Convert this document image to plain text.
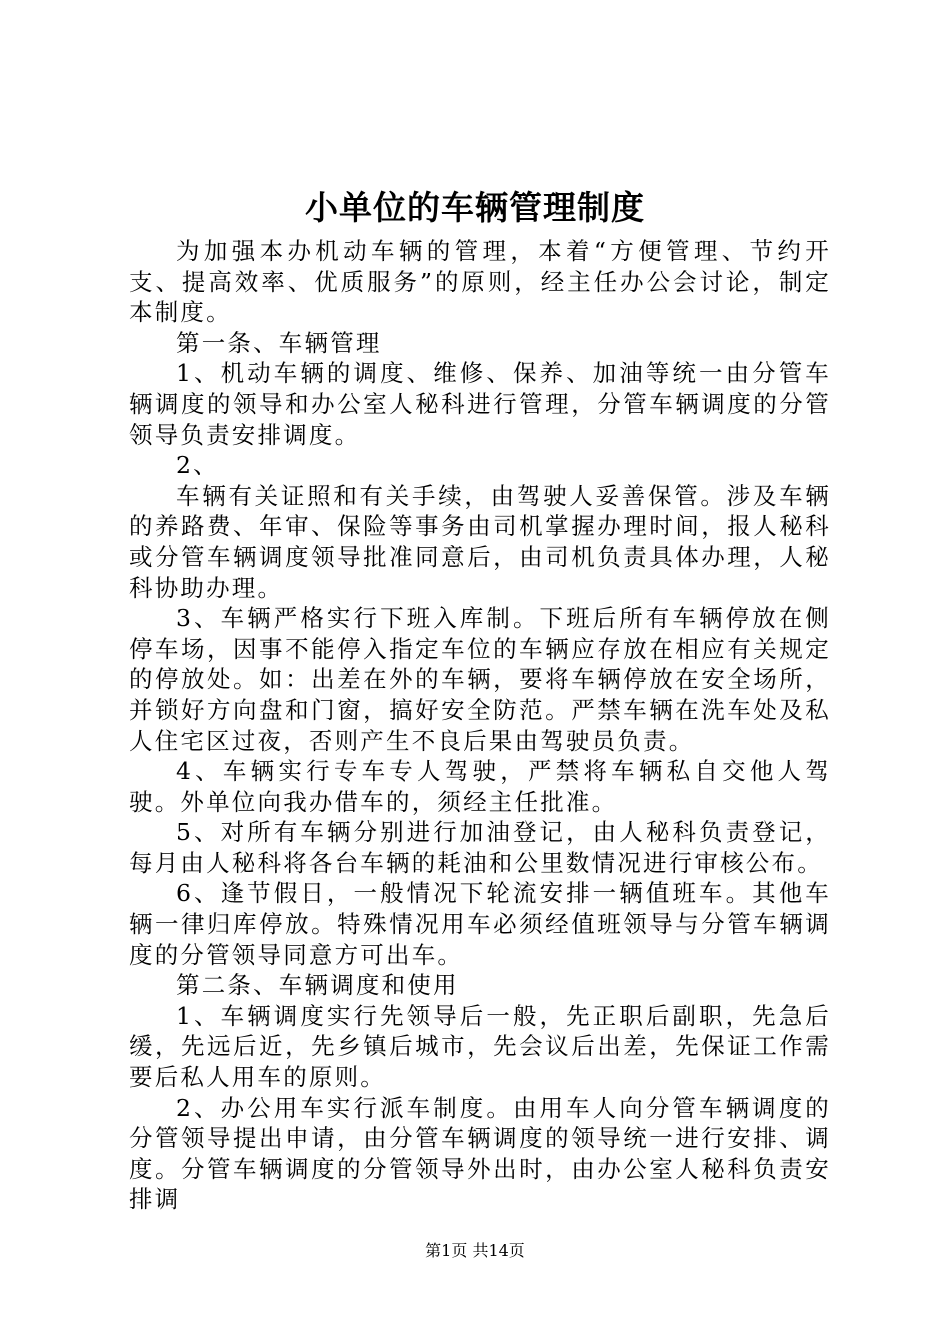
小单位的车辆管理制度

为加强本办机动车辆的管理，本着“方便管理、节约开支、提高效率、优质服务”的原则，经主任办公会讨论，制定本制度。

第一条、车辆管理

1、机动车辆的调度、维修、保养、加油等统一由分管车辆调度的领导和办公室人秘科进行管理，分管车辆调度的分管领导负责安排调度。

2、

车辆有关证照和有关手续，由驾驶人妥善保管。涉及车辆的养路费、年审、保险等事务由司机掌握办理时间，报人秘科或分管车辆调度领导批准同意后，由司机负责具体办理，人秘科协助办理。

3、车辆严格实行下班入库制。下班后所有车辆停放在侧停车场，因事不能停入指定车位的车辆应存放在相应有关规定的停放处。如：出差在外的车辆，要将车辆停放在安全场所，并锁好方向盘和门窗，搞好安全防范。严禁车辆在洗车处及私人住宅区过夜，否则产生不良后果由驾驶员负责。

4、车辆实行专车专人驾驶，严禁将车辆私自交他人驾驶。外单位向我办借车的，须经主任批准。

5、对所有车辆分别进行加油登记，由人秘科负责登记，每月由人秘科将各台车辆的耗油和公里数情况进行审核公布。

6、逢节假日，一般情况下轮流安排一辆值班车。其他车辆一律归库停放。特殊情况用车必须经值班领导与分管车辆调度的分管领导同意方可出车。

第二条、车辆调度和使用

1、车辆调度实行先领导后一般，先正职后副职，先急后缓，先远后近，先乡镇后城市，先会议后出差，先保证工作需要后私人用车的原则。

2、办公用车实行派车制度。由用车人向分管车辆调度的分管领导提出申请，由分管车辆调度的领导统一进行安排、调度。分管车辆调度的分管领导外出时，由办公室人秘科负责安排调

第1页 共14页
